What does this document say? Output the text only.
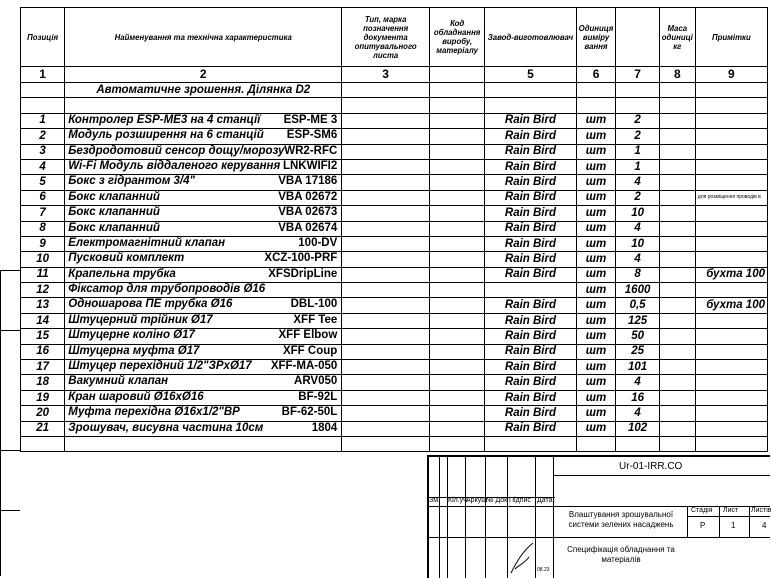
Позиція	Найменування та технічна характеристика	Тип, марка позначення документа опитувального листа	Код обладнання виробу, матеріалу	Завод-виготовлювач	Одиниця виміру вання		Маса одиниці кг	Примітки
1	2	3		5	6	7	8	9
	Автоматичне зрошення. Ділянка D2							

1	Контролер ESP-ME3 на 4 станції ESP-ME 3			Rain Bird	шт	2		
2	Модуль розширення на 6 станцій ESP-SM6			Rain Bird	шт	2		
3	Бездродотовий сенсор дощу/морозу WR2-RFC			Rain Bird	шт	1		
4	Wi-Fi Модуль віддаленого керування LNKWIFI2			Rain Bird	шт	1		
5	Бокс з гідрантом 3/4" VBA 17186			Rain Bird	шт	4		
6	Бокс клапанний VBA 02672			Rain Bird	шт	2		для розміщення проводів в
7	Бокс клапанний VBA 02673			Rain Bird	шт	10		
8	Бокс клапанний VBA 02674			Rain Bird	шт	4		
9	Електромагнітний клапан 100-DV			Rain Bird	шт	10		
10	Пусковий комплект XCZ-100-PRF			Rain Bird	шт	4		
11	Крапельна трубка XFSDripLine			Rain Bird	шт	8		бухта 100
12	Фіксатор для трубопроводів Ø16				шт	1600		
13	Одношарова ПЕ трубка Ø16 DBL-100			Rain Bird	шт	0,5		бухта 100
14	Штуцерний трійник Ø17 XFF Tee			Rain Bird	шт	125		
15	Штуцерне коліно Ø17 XFF Elbow			Rain Bird	шт	50		
16	Штуцерна муфта Ø17 XFF Coup			Rain Bird	шт	25		
17	Штуцер перехідний 1/2"ЗРхØ17 XFF-MA-050			Rain Bird	шт	101		
18	Вакумний клапан ARV050			Rain Bird	шт	4		
19	Кран шаровий Ø16хØ16 BF-92L			Rain Bird	шт	16		
20	Муфта перехідна Ø16х1/2"ВР BF-62-50L			Rain Bird	шт	4		
21	Зрошувач, висувна частина 10см 1804			Rain Bird	шт	102		

Зм. Кіл.уч.
Аркуш № Док Підпис Дата
Ur-01-IRR.CO
Влаштування зрошувальної системи зелених насаджень
Стадія Лист Листів
Р	1	4
Специфікація обладнання та матеріалів
08.23
